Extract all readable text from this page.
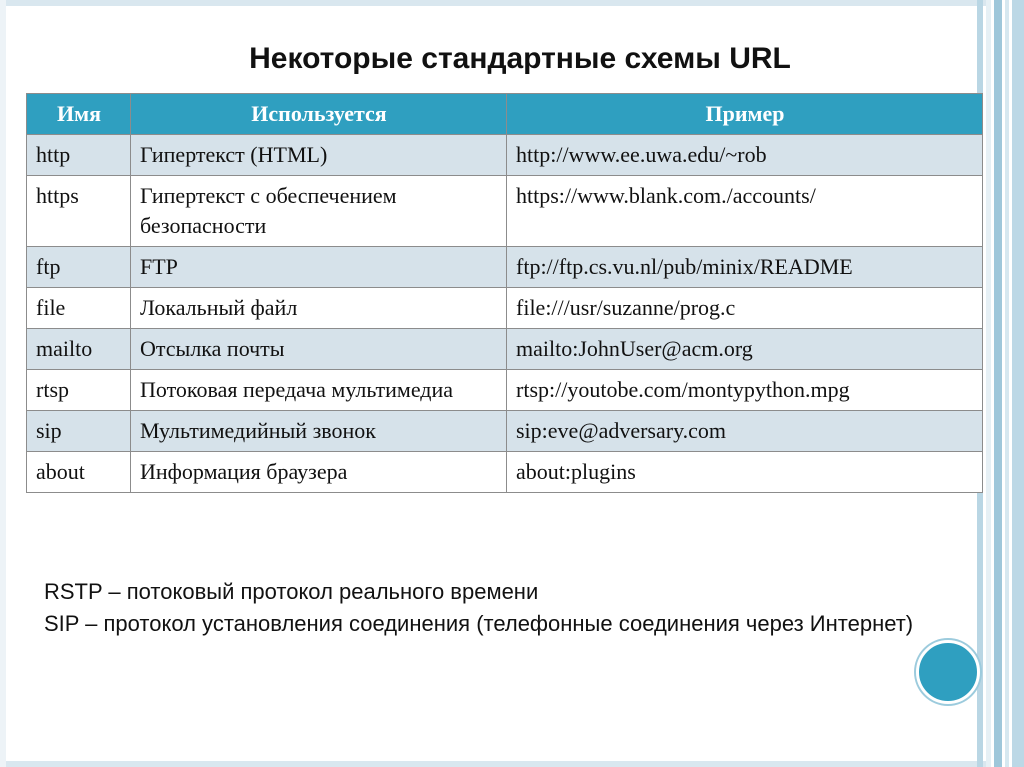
Некоторые стандартные схемы URL
Имя	Используется	Пример
http	Гипертекст (HTML)	http://www.ee.uwa.edu/~rob
https	Гипертекст с обеспечением безопасности	https://www.blank.com./accounts/
ftp	FTP	ftp://ftp.cs.vu.nl/pub/minix/README
file	Локальный файл	file:///usr/suzanne/prog.c
mailto	Отсылка почты	mailto:JohnUser@acm.org
rtsp	Потоковая передача мультимедиа	rtsp://youtobe.com/montypython.mpg
sip	Мультимедийный звонок	sip:eve@adversary.com
about	Информация браузера	about:plugins

RSTP – потоковый протокол реального времени

SIP – протокол установления соединения (телефонные соединения через Интернет)
